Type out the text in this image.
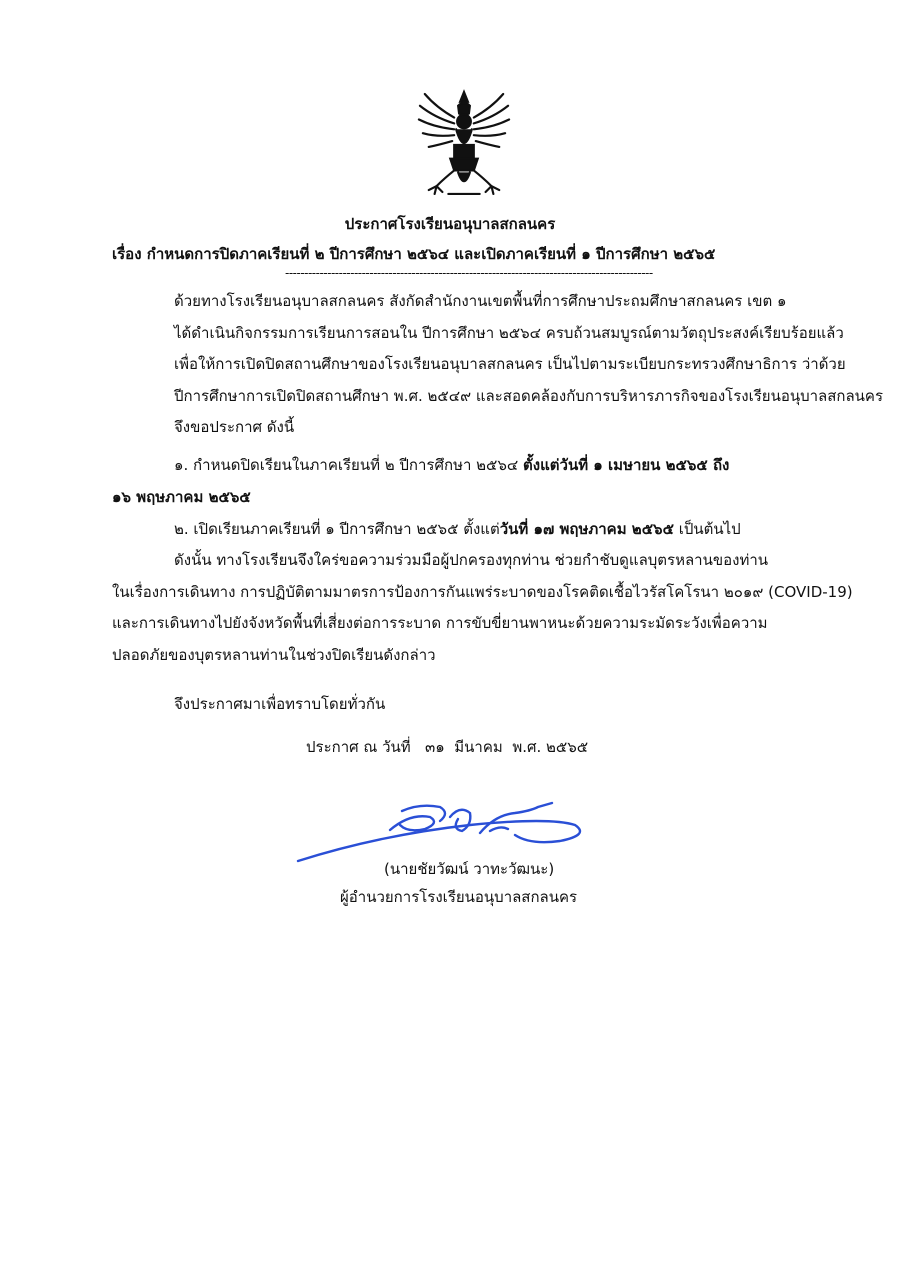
ประกาศโรงเรียนอนุบาลสกลนคร
เรื่อง กำหนดการปิดภาคเรียนที่ ๒ ปีการศึกษา ๒๕๖๔ และเปิดภาคเรียนที่ ๑ ปีการศึกษา ๒๕๖๕
------------------------------------------------------------------------------------------------
ด้วยทางโรงเรียนอนุบาลสกลนคร สังกัดสำนักงานเขตพื้นที่การศึกษาประถมศึกษาสกลนคร เขต ๑
ได้ดำเนินกิจกรรมการเรียนการสอนใน ปีการศึกษา ๒๕๖๔ ครบถ้วนสมบูรณ์ตามวัตถุประสงค์เรียบร้อยแล้ว
เพื่อให้การเปิดปิดสถานศึกษาของโรงเรียนอนุบาลสกลนคร เป็นไปตามระเบียบกระทรวงศึกษาธิการ ว่าด้วย
ปีการศึกษาการเปิดปิดสถานศึกษา พ.ศ. ๒๕๔๙ และสอดคล้องกับการบริหารภารกิจของโรงเรียนอนุบาลสกลนคร
จึงขอประกาศ ดังนี้
๑. กำหนดปิดเรียนในภาคเรียนที่ ๒ ปีการศึกษา ๒๕๖๔ ตั้งแต่วันที่ ๑ เมษายน ๒๕๖๕ ถึง
๑๖ พฤษภาคม ๒๕๖๕
๒. เปิดเรียนภาคเรียนที่ ๑ ปีการศึกษา ๒๕๖๕ ตั้งแต่วันที่ ๑๗ พฤษภาคม ๒๕๖๕ เป็นต้นไป
ดังนั้น ทางโรงเรียนจึงใคร่ขอความร่วมมือผู้ปกครองทุกท่าน ช่วยกำชับดูแลบุตรหลานของท่าน
ในเรื่องการเดินทาง การปฏิบัติตามมาตรการป้องการกันแพร่ระบาดของโรคติดเชื้อไวรัสโคโรนา ๒๐๑๙ (COVID-19)
และการเดินทางไปยังจังหวัดพื้นที่เสี่ยงต่อการระบาด การขับขี่ยานพาหนะด้วยความระมัดระวังเพื่อความ
ปลอดภัยของบุตรหลานท่านในช่วงปิดเรียนดังกล่าว
จึงประกาศมาเพื่อทราบโดยทั่วกัน
ประกาศ ณ วันที่   ๓๑  มีนาคม  พ.ศ. ๒๕๖๕
(นายชัยวัฒน์ วาทะวัฒนะ)
ผู้อำนวยการโรงเรียนอนุบาลสกลนคร
